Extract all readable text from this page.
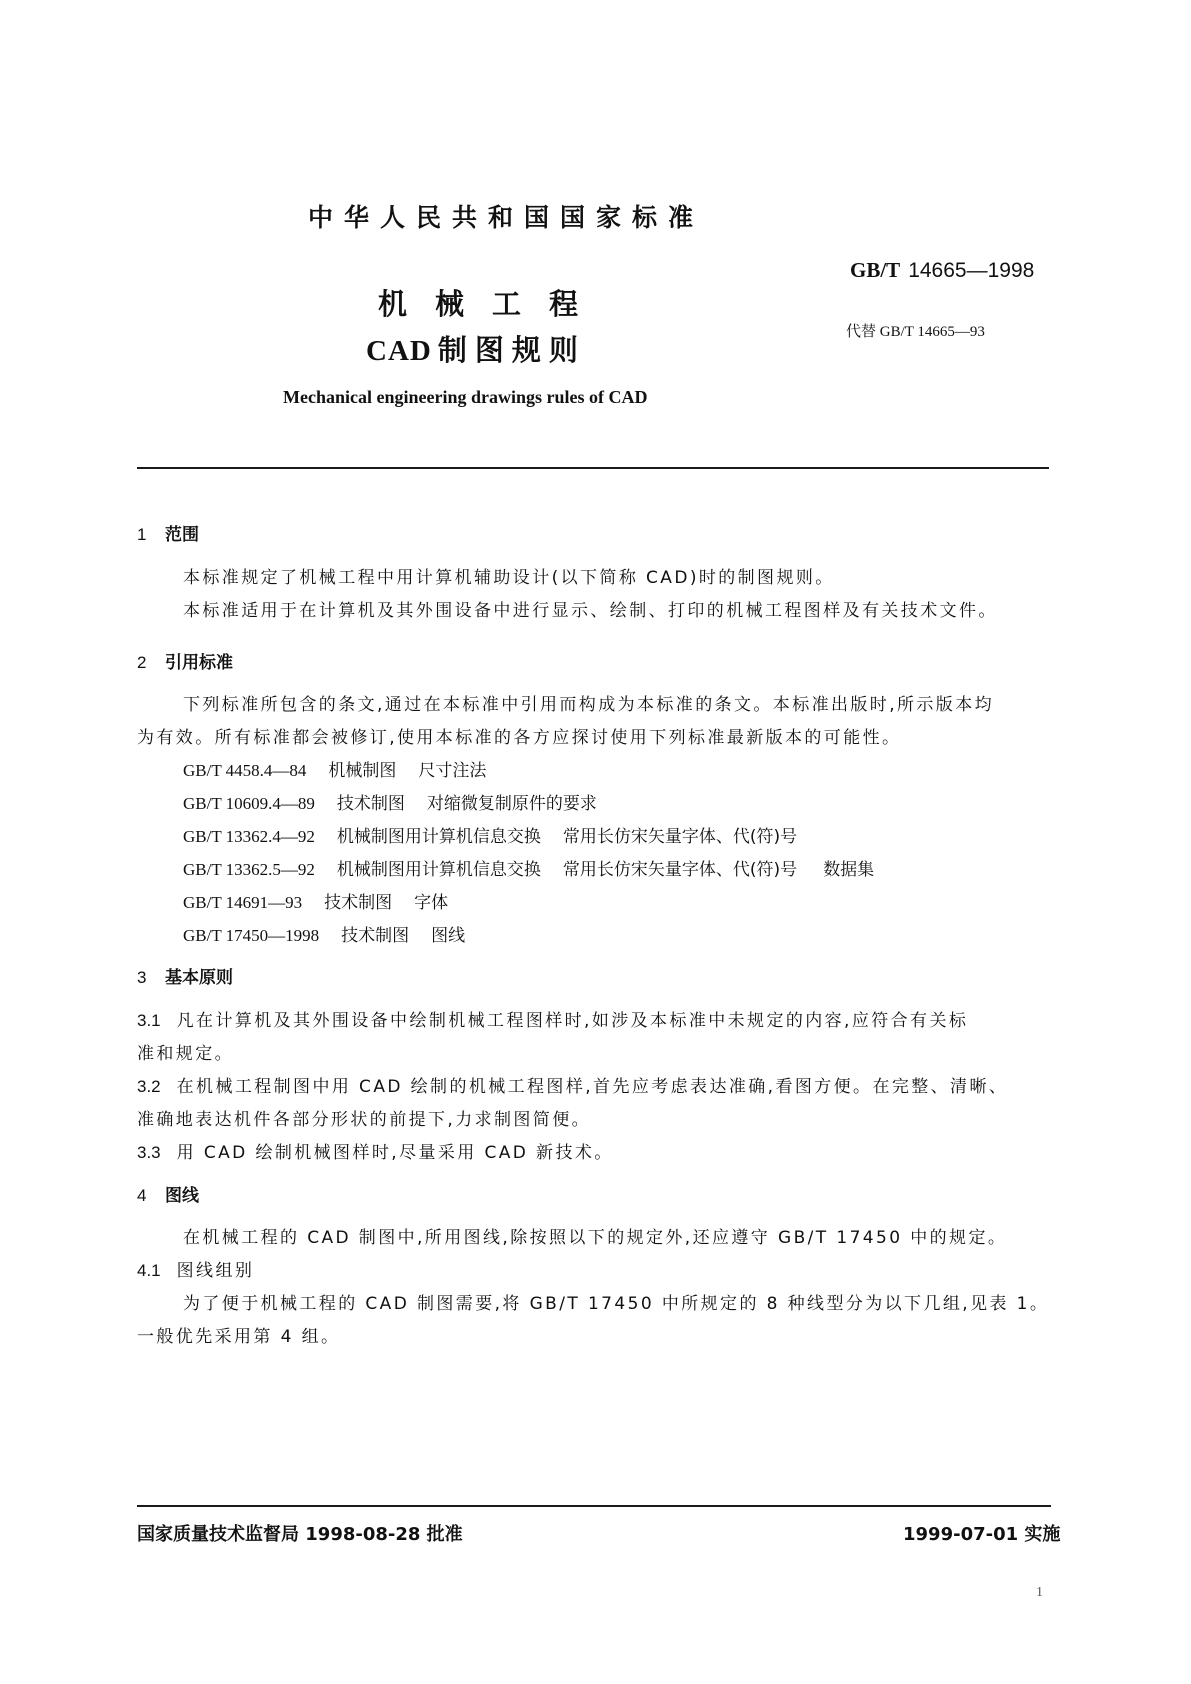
中华人民共和国国家标准
机械工程
CAD 制图规则
Mechanical engineering drawings rules of CAD
GB/T 14665—1998
代替 GB/T 14665—93
1 范围
本标准规定了机械工程中用计算机辅助设计(以下简称 CAD)时的制图规则。
本标准适用于在计算机及其外围设备中进行显示、绘制、打印的机械工程图样及有关技术文件。
2 引用标准
下列标准所包含的条文,通过在本标准中引用而构成为本标准的条文。本标准出版时,所示版本均
为有效。所有标准都会被修订,使用本标准的各方应探讨使用下列标准最新版本的可能性。
GB/T 4458.4—84 机械制图 尺寸注法
GB/T 10609.4—89 技术制图 对缩微复制原件的要求
GB/T 13362.4—92 机械制图用计算机信息交换 常用长仿宋矢量字体、代(符)号
GB/T 13362.5—92 机械制图用计算机信息交换 常用长仿宋矢量字体、代(符)号 数据集
GB/T 14691—93 技术制图 字体
GB/T 17450—1998 技术制图 图线
3 基本原则
3.1 凡在计算机及其外围设备中绘制机械工程图样时,如涉及本标准中未规定的内容,应符合有关标
准和规定。
3.2 在机械工程制图中用 CAD 绘制的机械工程图样,首先应考虑表达准确,看图方便。在完整、清晰、
准确地表达机件各部分形状的前提下,力求制图简便。
3.3 用 CAD 绘制机械图样时,尽量采用 CAD 新技术。
4 图线
在机械工程的 CAD 制图中,所用图线,除按照以下的规定外,还应遵守 GB/T 17450 中的规定。
4.1 图线组别
为了便于机械工程的 CAD 制图需要,将 GB/T 17450 中所规定的 8 种线型分为以下几组,见表 1。
一般优先采用第 4 组。
国家质量技术监督局 1998-08-28 批准	1999-07-01 实施
1
